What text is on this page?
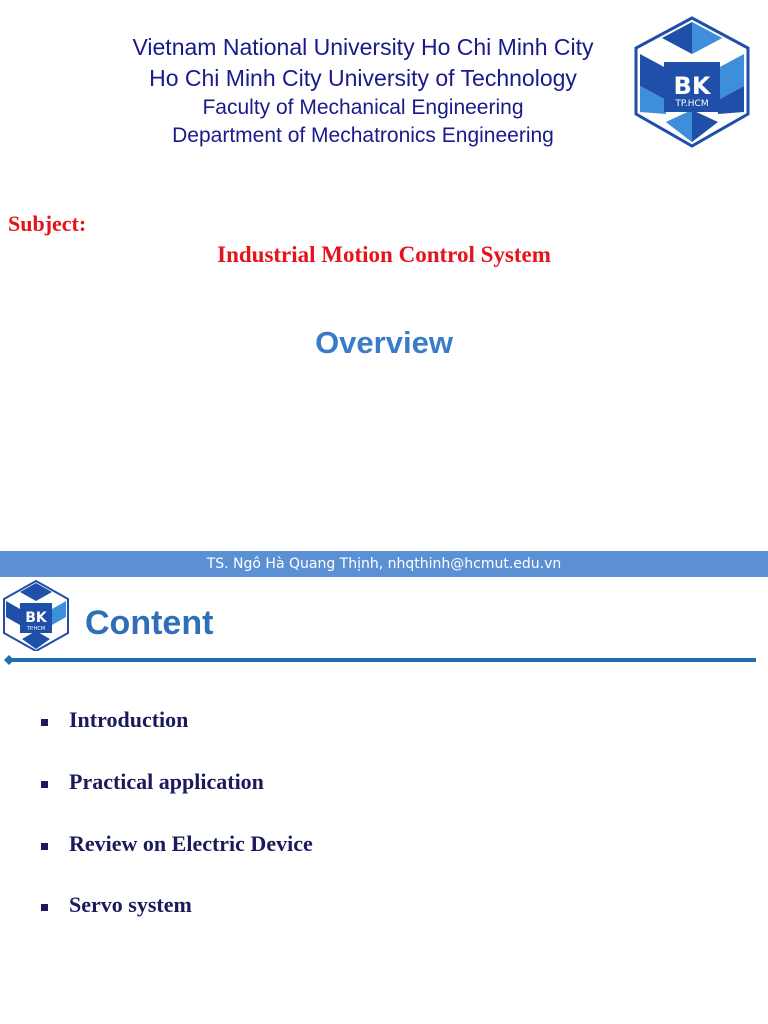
Vietnam National University Ho Chi Minh City
Ho Chi Minh City University of Technology
Faculty of Mechanical Engineering
Department of Mechatronics Engineering
BK
TP.HCM
Subject:
Industrial Motion Control System
Overview
TS. Ngô Hà Quang Thịnh, nhqthinh@hcmut.edu.vn
BK
TP.HCM Content
Introduction
Practical application
Review on Electric Device
Servo system
